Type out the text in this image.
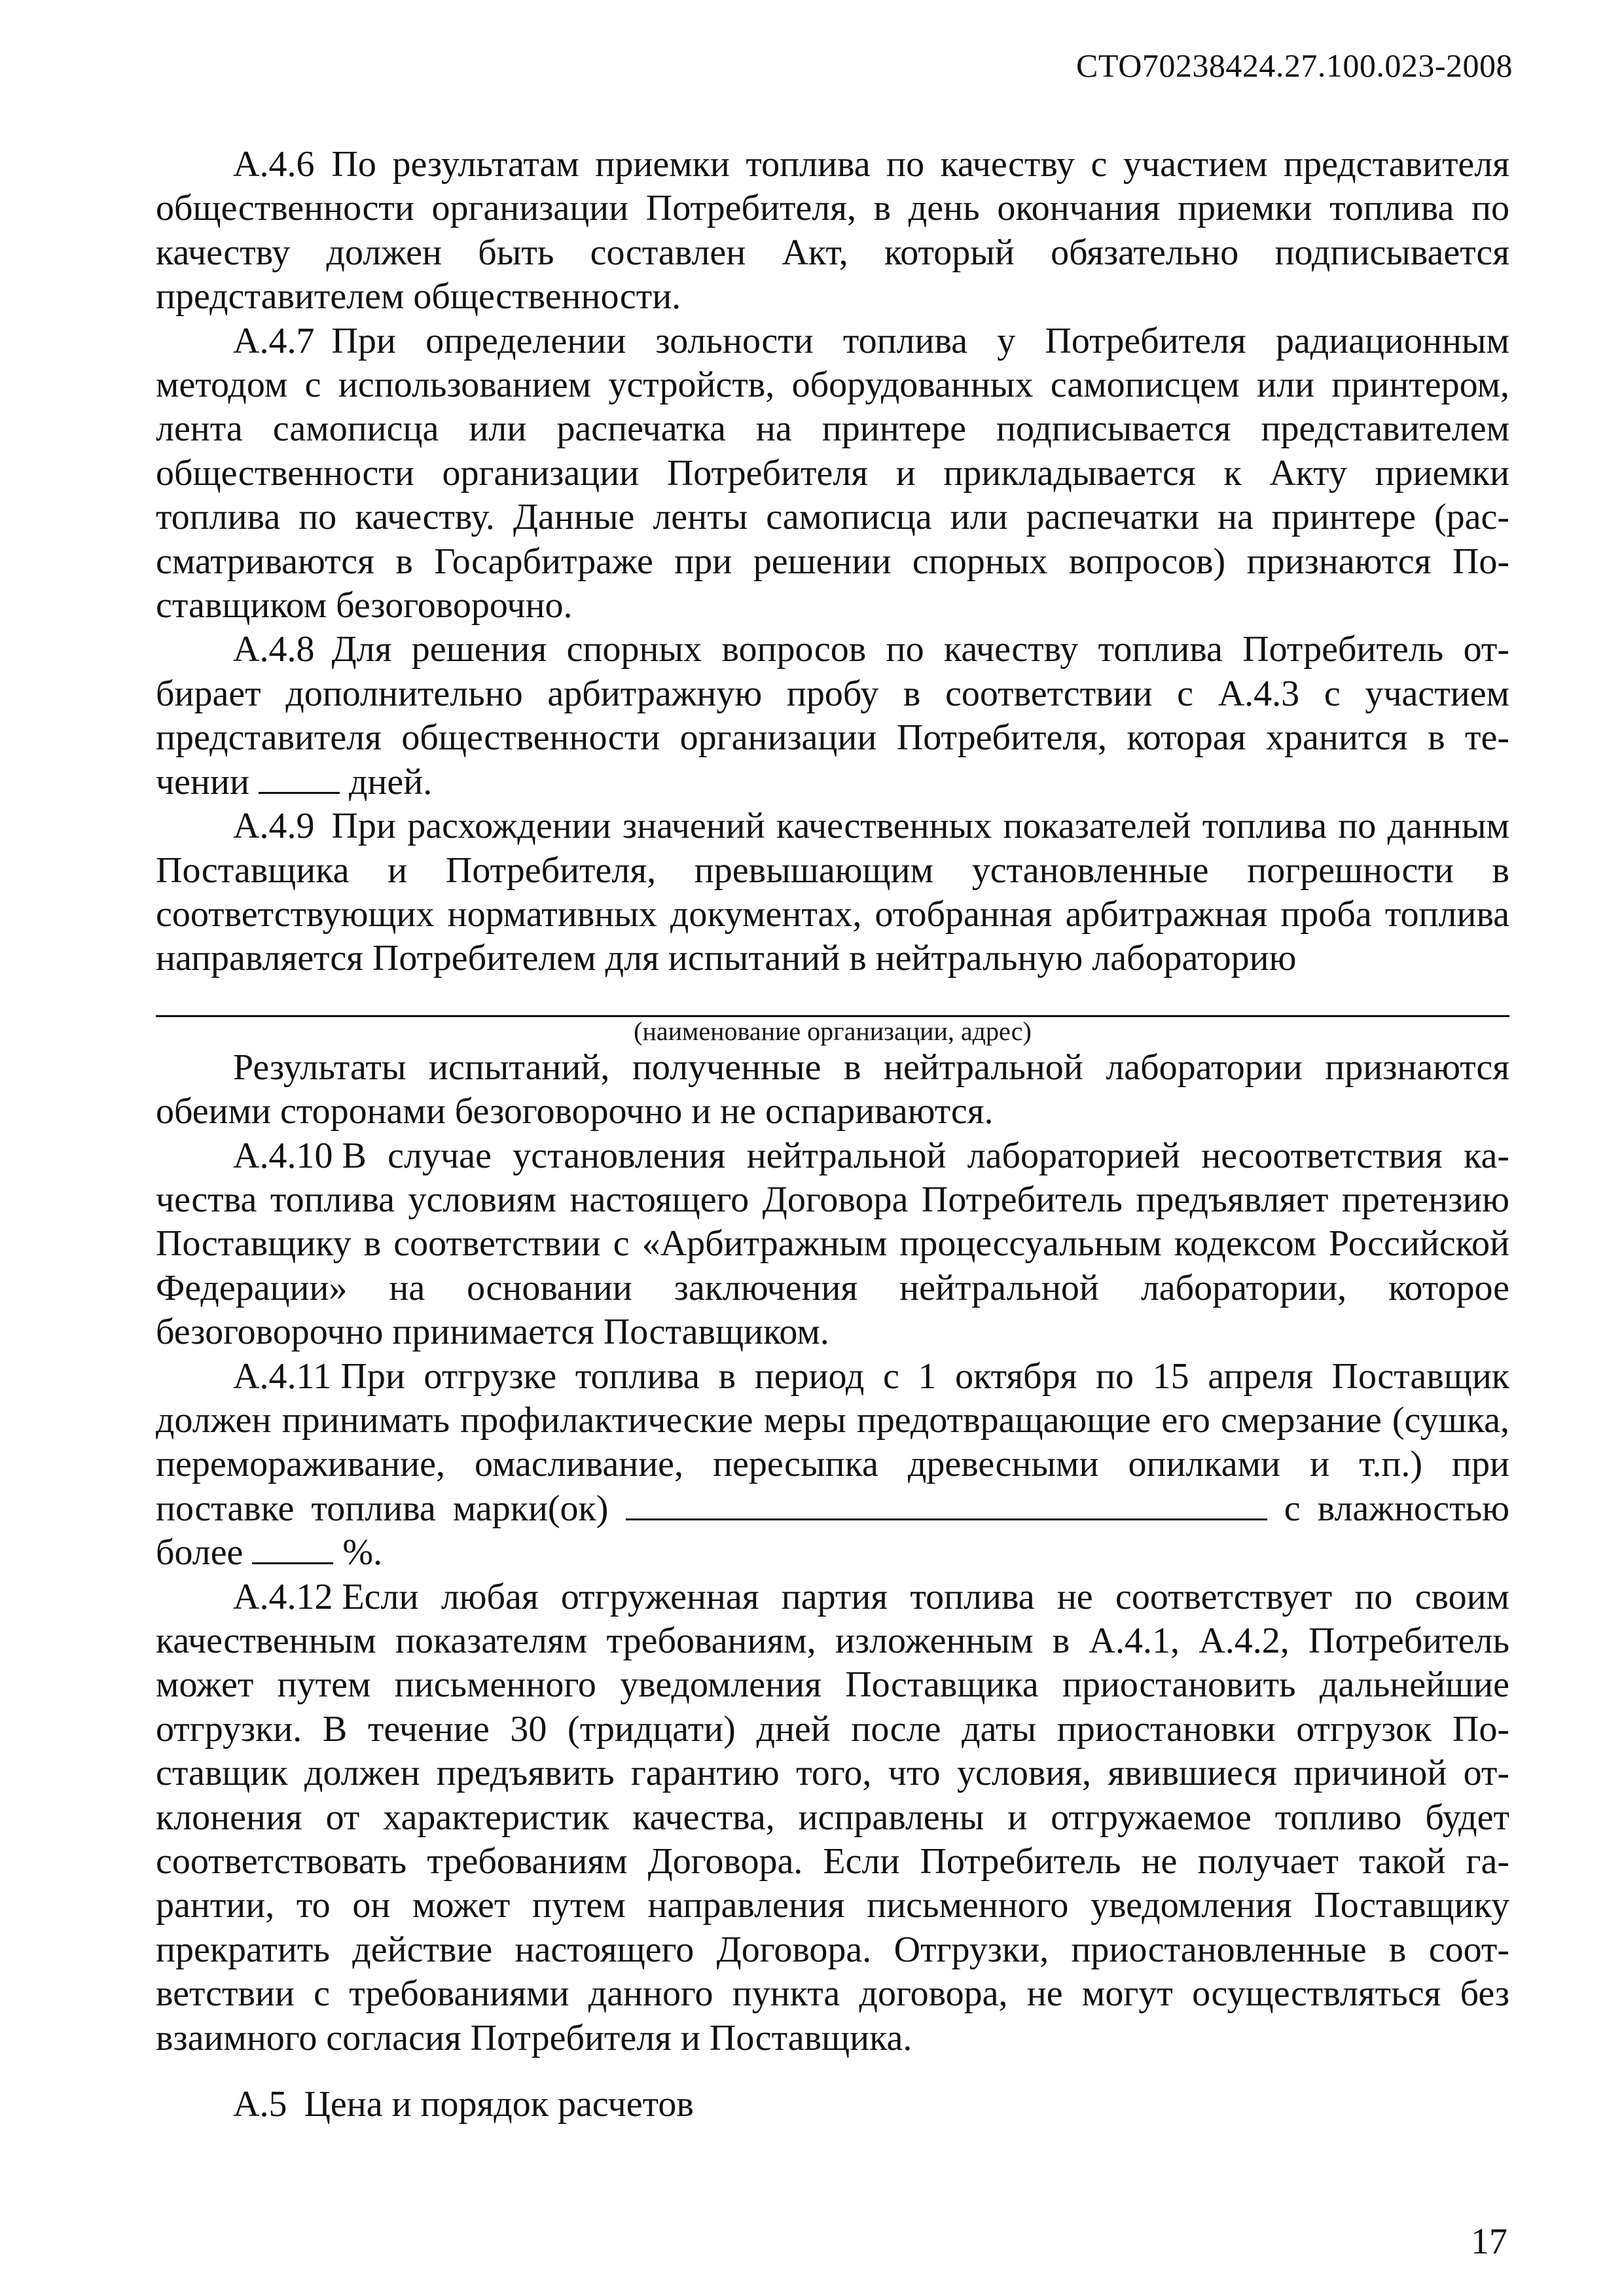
СТО70238424.27.100.023-2008

А.4.6 По результатам приемки топлива по качеству с участием представителя общественности организации Потребителя, в день окончания приемки топлива по качеству должен быть составлен Акт, который обязательно подписывается представителем общественности.

А.4.7 При определении зольности топлива у Потребителя радиационным методом с использованием устройств, оборудованных самописцем или принтером, лента самописца или распечатка на принтере подписывается представителем общественности организации Потребителя и прикладывается к Акту приемки топлива по качеству. Данные ленты самописца или распечатки на принтере (рассматриваются в Госарбитраже при решении спорных вопросов) признаются Поставщиком безоговорочно.

А.4.8 Для решения спорных вопросов по качеству топлива Потребитель отбирает дополнительно арбитражную пробу в соответствии с А.4.3 с участием представителя общественности организации Потребителя, которая хранится в течении	дней.

А.4.9 При расхождении значений качественных показателей топлива по данным Поставщика и Потребителя, превышающим установленные погрешности в соответствующих нормативных документах, отобранная арбитражная проба топлива направляется Потребителем для испытаний в нейтральную лабораторию

(наименование организации, адрес)

Результаты испытаний, полученные в нейтральной лаборатории признаются обеими сторонами безоговорочно и не оспариваются.

А.4.10 В случае установления нейтральной лабораторией несоответствия качества топлива условиям настоящего Договора Потребитель предъявляет претензию Поставщику в соответствии с «Арбитражным процессуальным кодексом Российской Федерации» на основании заключения нейтральной лаборатории, которое безоговорочно принимается Поставщиком.

А.4.11 При отгрузке топлива в период с 1 октября по 15 апреля Поставщик должен принимать профилактические меры предотвращающие его смерзание (сушка, перемораживание, омасливание, пересыпка древесными опилками и т.п.) при поставке топлива марки(ок)	с влажностью более	%.

А.4.12 Если любая отгруженная партия топлива не соответствует по своим качественным показателям требованиям, изложенным в А.4.1, А.4.2, Потребитель может путем письменного уведомления Поставщика приостановить дальнейшие отгрузки. В течение 30 (тридцати) дней после даты приостановки отгрузок Поставщик должен предъявить гарантию того, что условия, явившиеся причиной отклонения от характеристик качества, исправлены и отгружаемое топливо будет соответствовать требованиям Договора. Если Потребитель не получает такой гарантии, то он может путем направления письменного уведомления Поставщику прекратить действие настоящего Договора. Отгрузки, приостановленные в соответствии с требованиями данного пункта договора, не могут осуществляться без взаимного согласия Потребителя и Поставщика.

А.5 Цена и порядок расчетов

17
